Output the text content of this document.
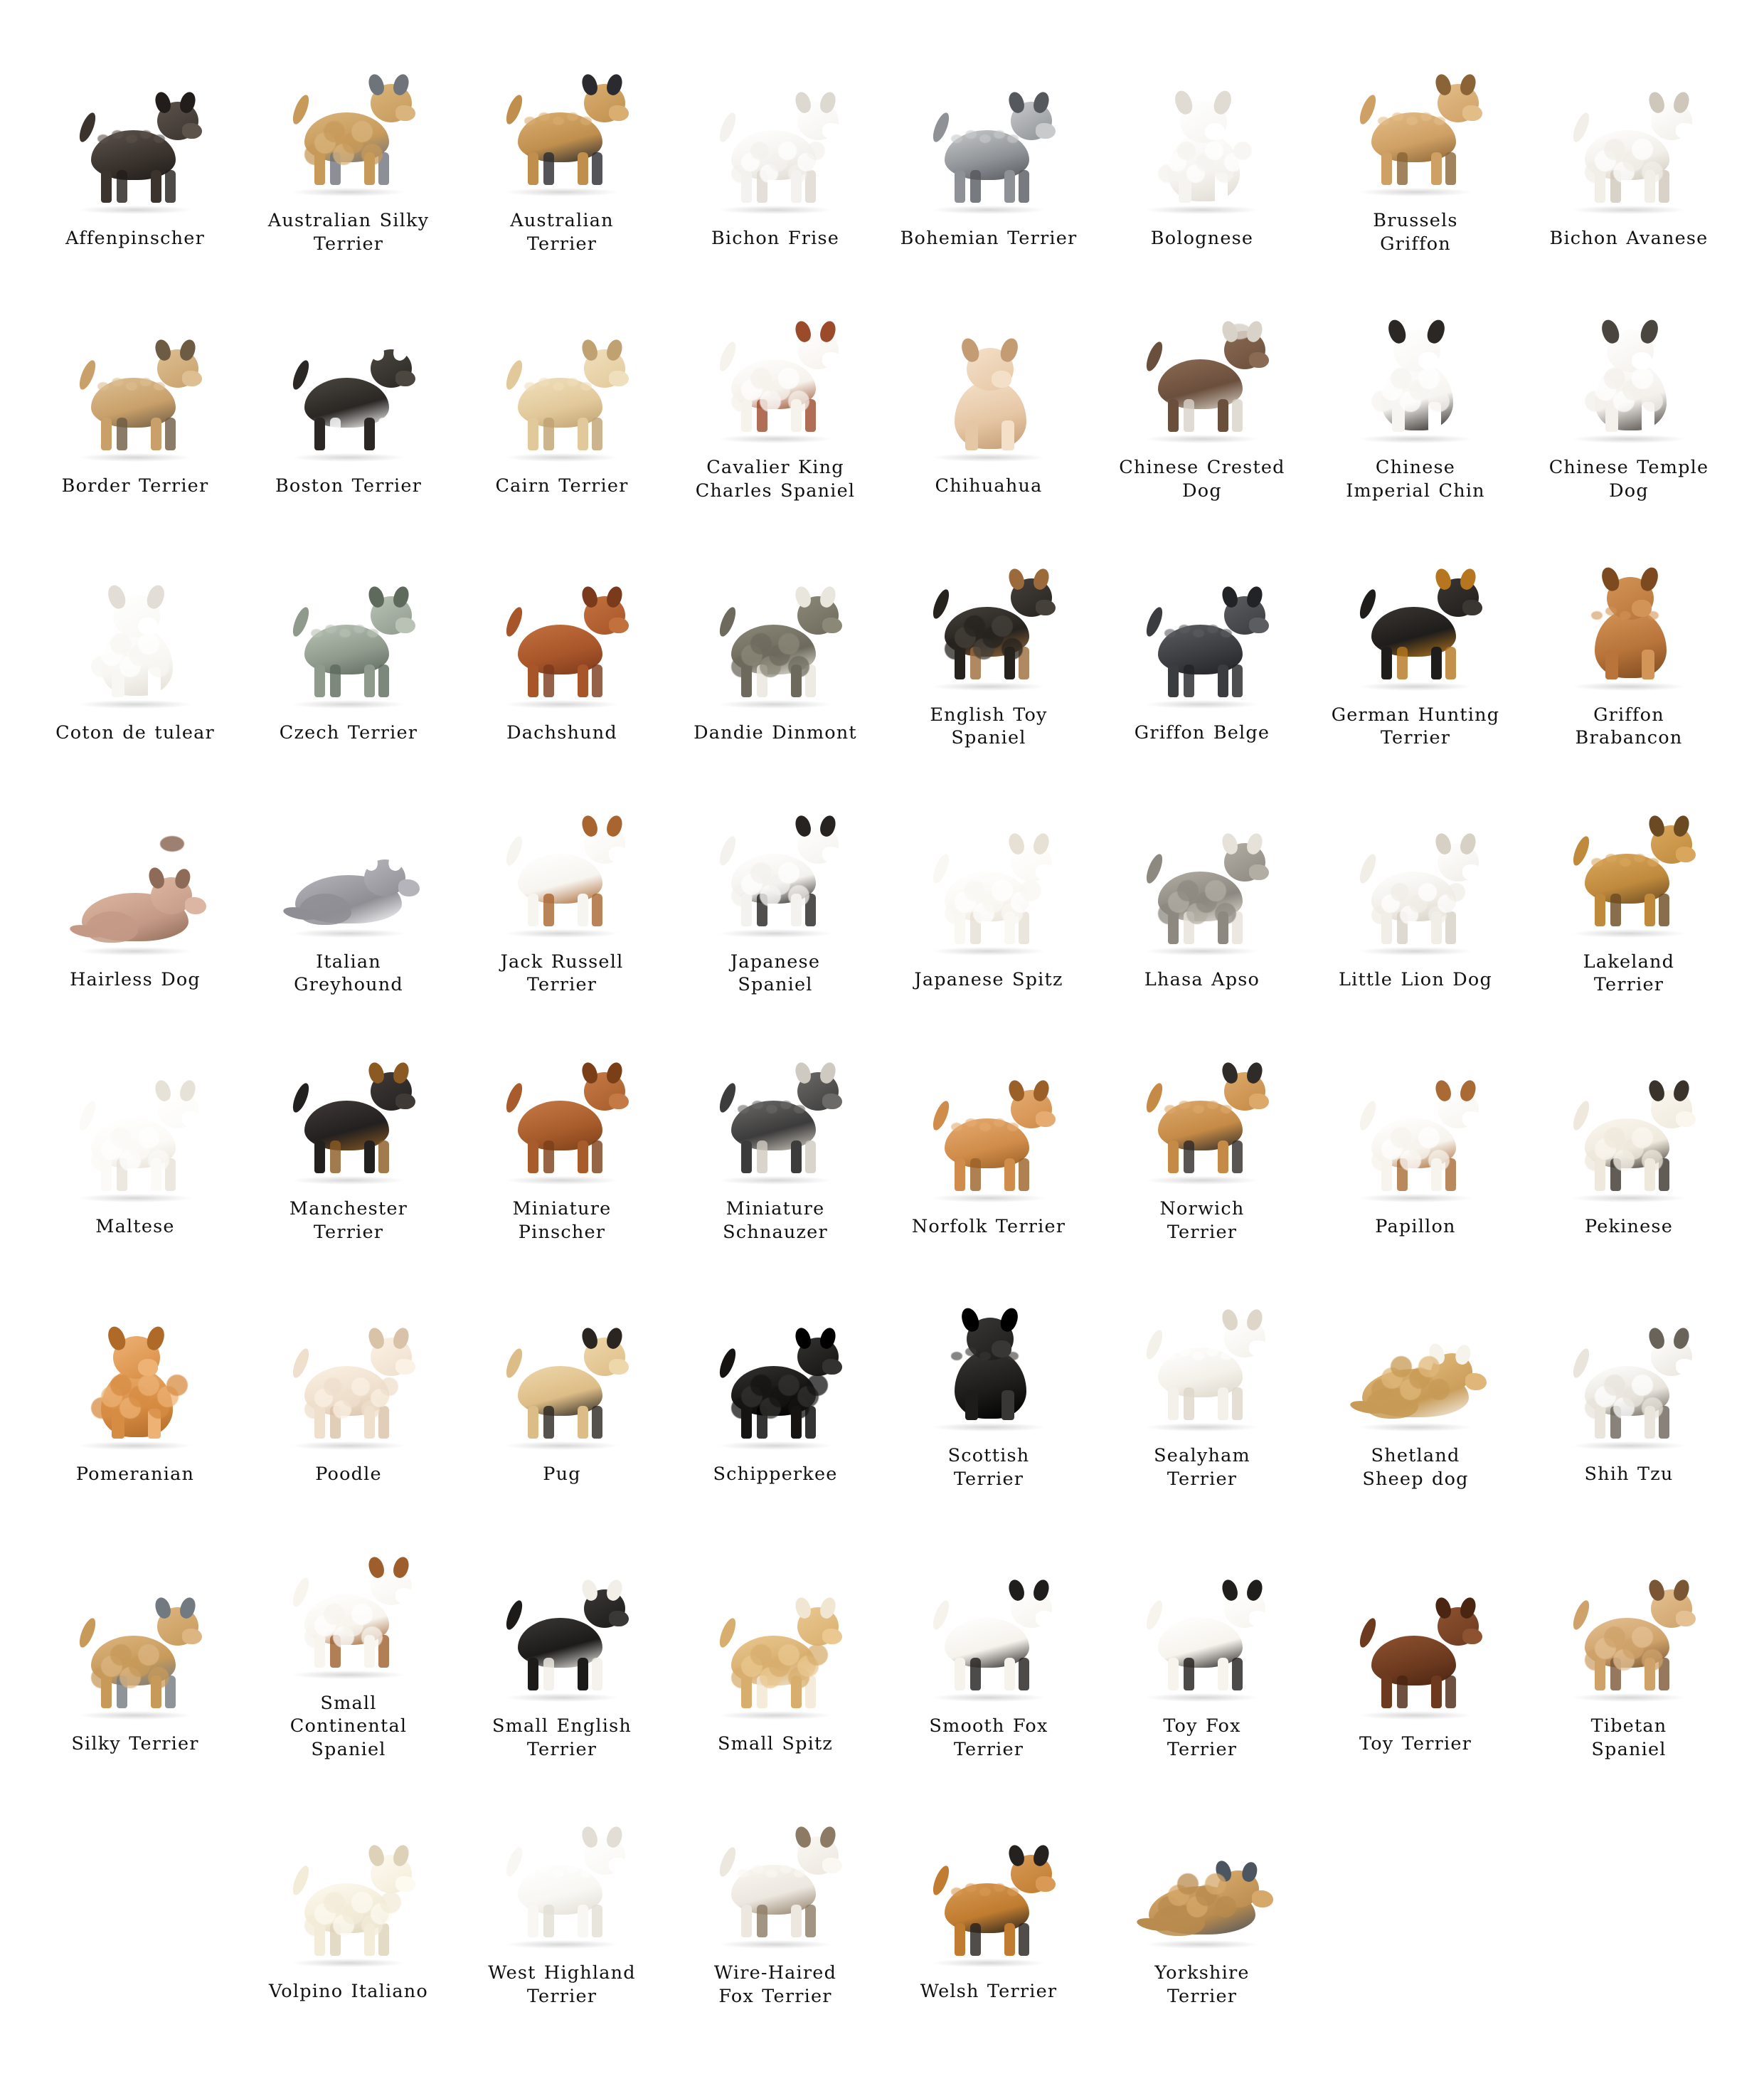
Affenpinscher
Australian Silky
Terrier
Australian
Terrier	Bichon Frise	Bohemian Terrier	Bolognese
Brussels
Griffon	Bichon Avanese
Border Terrier	Boston Terrier	Cairn Terrier
Cavalier King
Charles Spaniel	Chihuahua
Chinese Crested
Dog
Chinese
Imperial Chin
Chinese Temple
Dog
Coton de tulear	Czech Terrier	Dachshund	Dandie Dinmont
English Toy
Spaniel	Griffon Belge
German Hunting
Terrier
Griffon
Brabancon
Hairless Dog
Italian
Greyhound
Jack Russell
Terrier
Japanese
Spaniel	Japanese Spitz	Lhasa Apso	Little Lion Dog
Lakeland
Terrier
Maltese
Manchester
Terrier
Miniature
Pinscher
Miniature
Schnauzer	Norfolk Terrier
Norwich
Terrier	Papillon	Pekinese
Pomeranian	Poodle	Pug	Schipperkee
Scottish
Terrier
Sealyham
Terrier
Shetland
Sheep dog	Shih Tzu
Silky Terrier
Small
Continental
Spaniel
Small English
Terrier	Small Spitz
Smooth Fox
Terrier
Toy Fox
Terrier	Toy Terrier
Tibetan
Spaniel
Volpino Italiano
West Highland
Terrier
Wire-Haired
Fox Terrier	Welsh Terrier
Yorkshire
Terrier
